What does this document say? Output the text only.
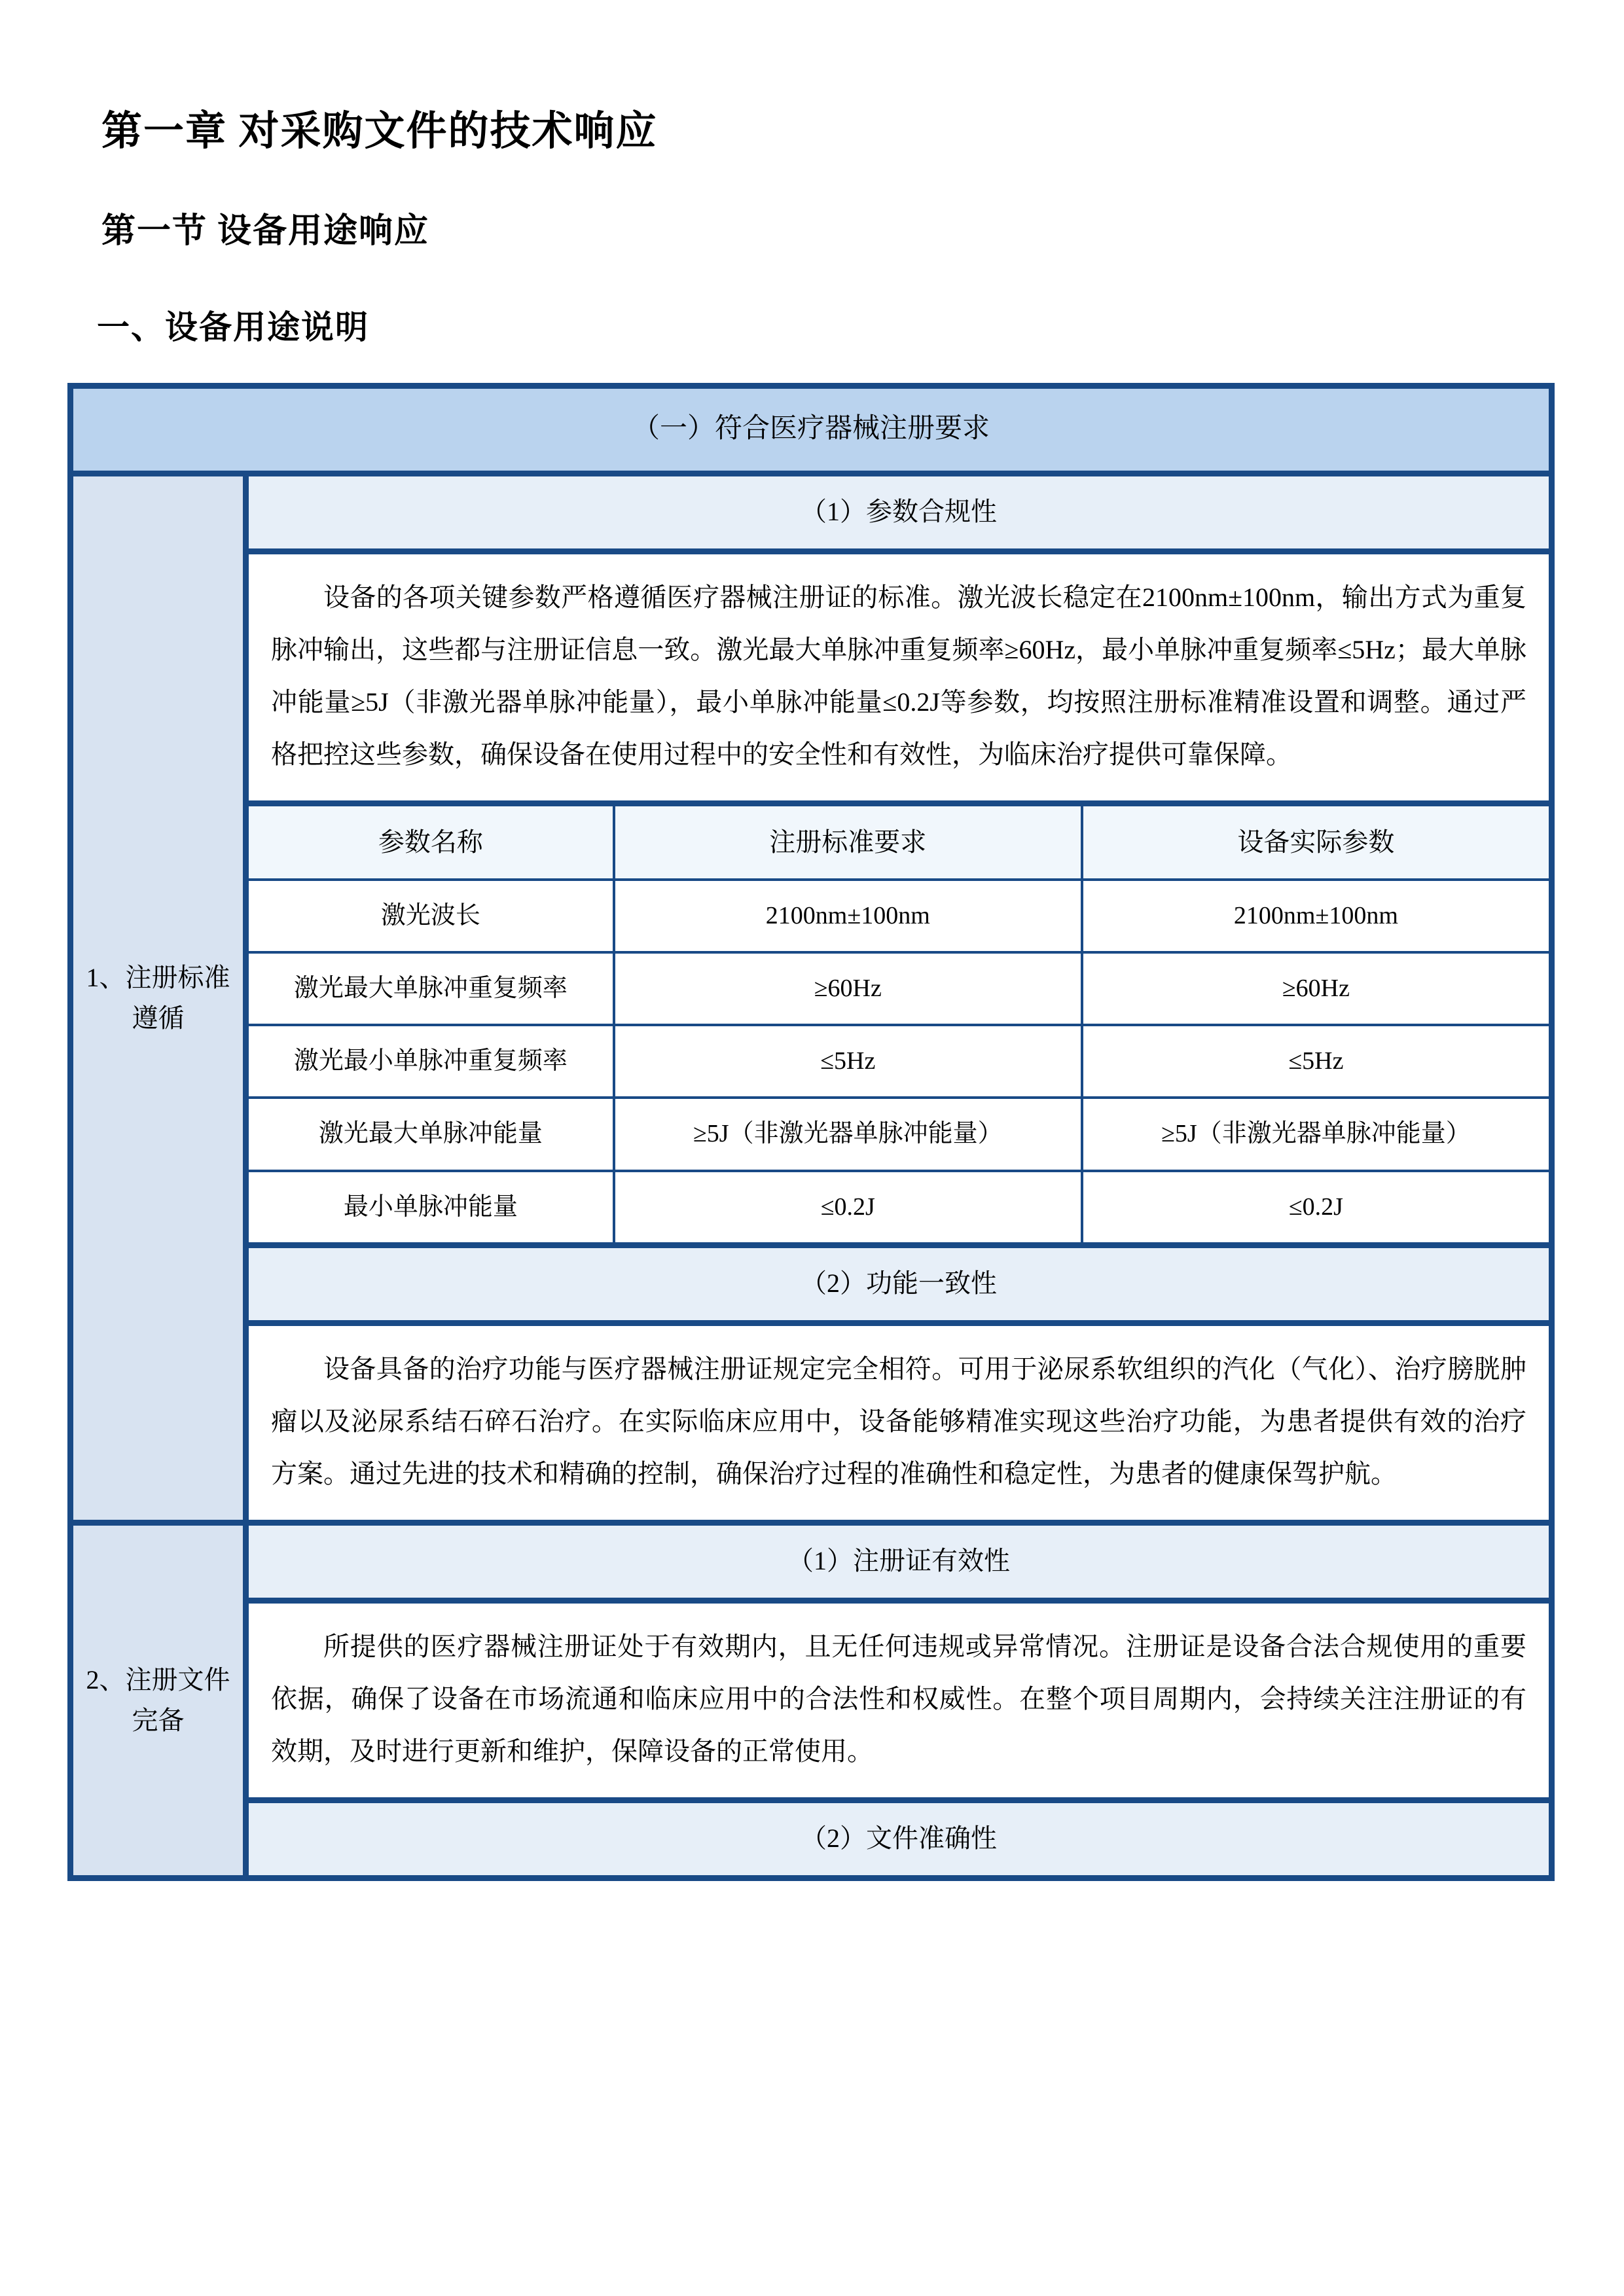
第一章 对采购文件的技术响应
第一节 设备用途响应
一、设备用途说明
（一）符合医疗器械注册要求
1、注册标准遵循
（1）参数合规性
设备的各项关键参数严格遵循医疗器械注册证的标准。激光波长稳定在2100nm±100nm，输出方式为重复脉冲输出，这些都与注册证信息一致。激光最大单脉冲重复频率≥60Hz，最小单脉冲重复频率≤5Hz；最大单脉冲能量≥5J（非激光器单脉冲能量），最小单脉冲能量≤0.2J等参数，均按照注册标准精准设置和调整。通过严格把控这些参数，确保设备在使用过程中的安全性和有效性，为临床治疗提供可靠保障。
参数名称	注册标准要求	设备实际参数
激光波长	2100nm±100nm	2100nm±100nm
激光最大单脉冲重复频率	≥60Hz	≥60Hz
激光最小单脉冲重复频率	≤5Hz	≤5Hz
激光最大单脉冲能量	≥5J（非激光器单脉冲能量）	≥5J（非激光器单脉冲能量）
最小单脉冲能量	≤0.2J	≤0.2J
（2）功能一致性
设备具备的治疗功能与医疗器械注册证规定完全相符。可用于泌尿系软组织的汽化（气化）、治疗膀胱肿瘤以及泌尿系结石碎石治疗。在实际临床应用中，设备能够精准实现这些治疗功能，为患者提供有效的治疗方案。通过先进的技术和精确的控制，确保治疗过程的准确性和稳定性，为患者的健康保驾护航。
2、注册文件完备
（1）注册证有效性
所提供的医疗器械注册证处于有效期内，且无任何违规或异常情况。注册证是设备合法合规使用的重要依据，确保了设备在市场流通和临床应用中的合法性和权威性。在整个项目周期内，会持续关注注册证的有效期，及时进行更新和维护，保障设备的正常使用。
（2）文件准确性
